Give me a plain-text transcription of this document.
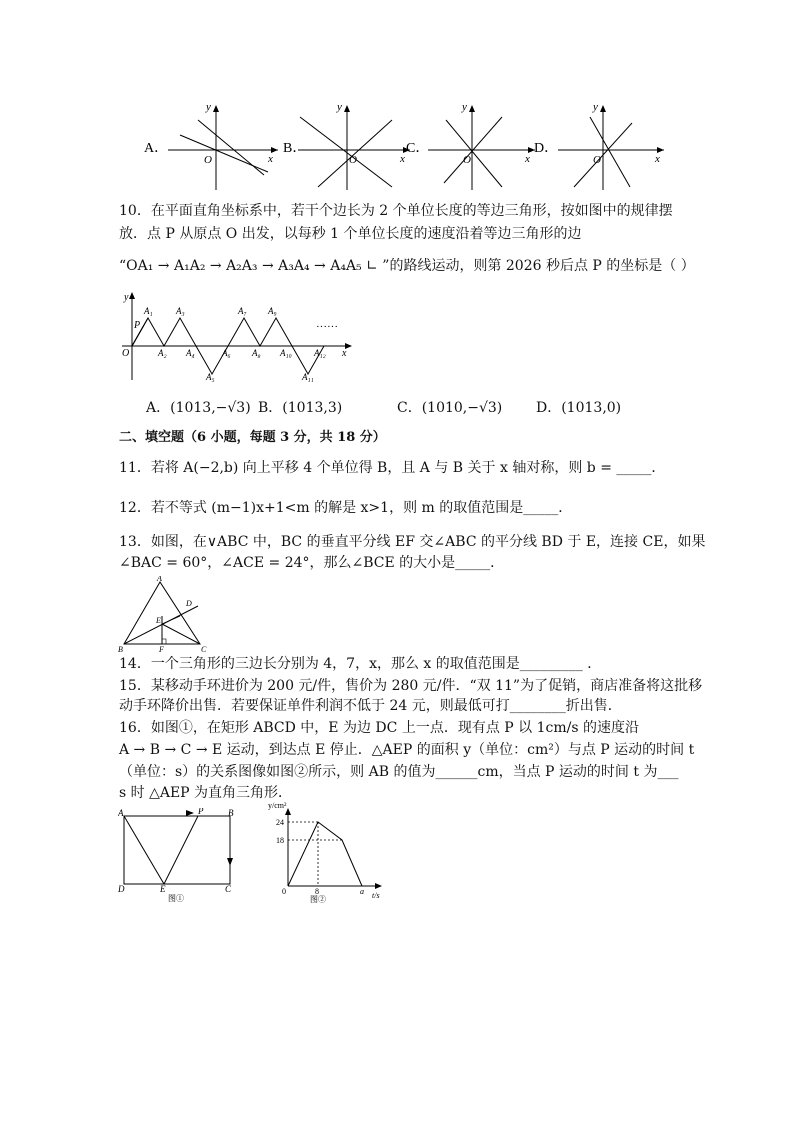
A．
y
x
O
B．
y
x
O
C．
y
x
O
D．
y
x
O
10．在平面直角坐标系中，若干个边长为 2 个单位长度的等边三角形，按如图中的规律摆
放．点 P 从原点 O 出发，以每秒 1 个单位长度的速度沿着等边三角形的边
“OA₁ → A₁A₂ → A₂A₃ → A₃A₄ → A₄A₅ ∟ ”的路线运动，则第 2026 秒后点 P 的坐标是（ ）
y
x
O
P	······
A₁	A₃	A₇ A₉
A₂ A₄	A₆ A₈ A₁₀ A₁₂
A₅	A₁₁
A．(1013,−√3) B．(1013,3)	C．(1010,−√3) D．(1013,0)
二、填空题（6 小题，每题 3 分，共 18 分）
11．若将 A(−2,b) 向上平移 4 个单位得 B，且 A 与 B 关于 x 轴对称，则 b = _____．
12．若不等式 (m−1)x+1<m 的解是 x>1，则 m 的取值范围是_____．
13．如图，在∨ABC 中，BC 的垂直平分线 EF 交∠ABC 的平分线 BD 于 E，连接 CE，如果
∠BAC = 60°，∠ACE = 24°，那么∠BCE 的大小是_____．
A
B	C
D
E
F
14．一个三角形的三边长分别为 4，7，x，那么 x 的取值范围是_________ ．
15．某移动手环进价为 200 元/件，售价为 280 元/件．“双 11”为了促销，商店准备将这批移
动手环降价出售．若要保证单件利润不低于 24 元，则最低可打________折出售．
16．如图①，在矩形 ABCD 中，E 为边 DC 上一点．现有点 P 以 1cm/s 的速度沿
A → B → C → E 运动，到达点 E 停止．△AEP 的面积 y（单位：cm²）与点 P 运动的时间 t
（单位：s）的关系图像如图②所示，则 AB 的值为______cm，当点 P 运动的时间 t 为___
s 时 △AEP 为直角三角形．
A	P	B
D	E	C
图①
y/cm²
t/s
0
24
18
8	a
图②
